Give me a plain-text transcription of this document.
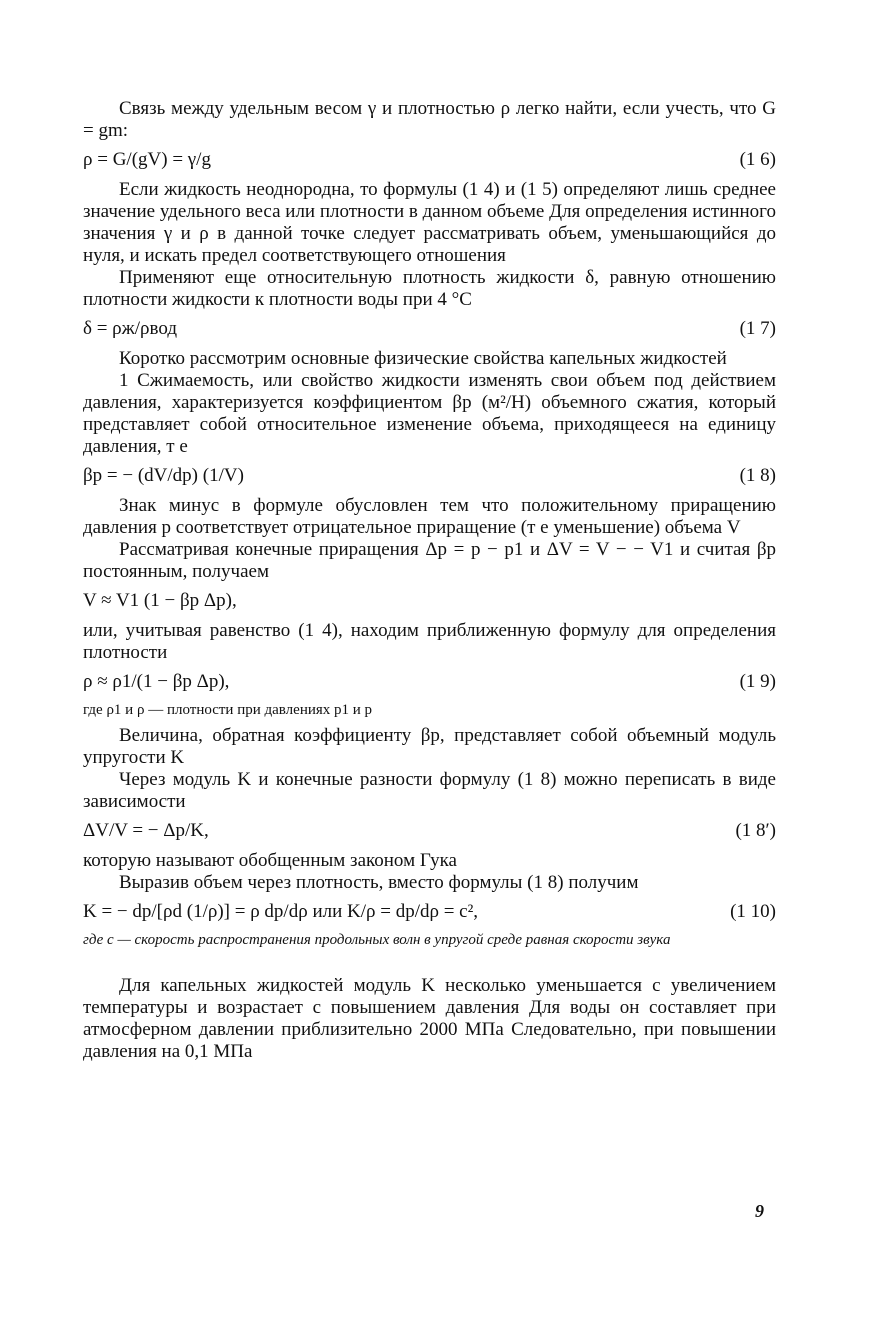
Связь между удельным весом γ и плотностью ρ легко найти, если учесть, что G = gm:

ρ = G/(gV) = γ/g	(1 6)

Если жидкость неоднородна, то формулы (1 4) и (1 5) определяют лишь среднее значение удельного веса или плотности в данном объеме Для определения истинного значения γ и ρ в данной точке следует рассматривать объем, уменьшающийся до нуля, и искать предел соответствующего отношения

Применяют еще относительную плотность жидкости δ, равную отношению плотности жидкости к плотности воды при 4 °С

δ = ρж/ρвод	(1 7)

Коротко рассмотрим основные физические свойства капельных жидкостей

1 Сжимаемость, или свойство жидкости изменять свои объем под действием давления, характеризуется коэффициентом βp (м²/Н) объемного сжатия, который представляет собой относительное изменение объема, приходящееся на единицу давления, т е

βp = − (dV/dp) (1/V)	(1 8)

Знак минус в формуле обусловлен тем что положительному приращению давления p соответствует отрицательное приращение (т е уменьшение) объема V

Рассматривая конечные приращения Δp = p − p1 и ΔV = V − − V1 и считая βp постоянным, получаем

V ≈ V1 (1 − βp Δp),

или, учитывая равенство (1 4), находим приближенную формулу для определения плотности

ρ ≈ ρ1/(1 − βp Δp),	(1 9)

где ρ1 и ρ — плотности при давлениях p1 и p

Величина, обратная коэффициенту βp, представляет собой объемный модуль упругости K

Через модуль K и конечные разности формулу (1 8) можно переписать в виде зависимости

ΔV/V = − Δp/K,	(1 8′)

которую называют обобщенным законом Гука

Выразив объем через плотность, вместо формулы (1 8) получим

K = − dp/[ρd (1/ρ)] = ρ dp/dρ или K/ρ = dp/dρ = c²,	(1 10)

где c — скорость распространения продольных волн в упругой среде равная скорости звука

Для капельных жидкостей модуль K несколько уменьшается с увеличением температуры и возрастает с повышением давления Для воды он составляет при атмосферном давлении приблизительно 2000 МПа Следовательно, при повышении давления на 0,1 МПа

9
